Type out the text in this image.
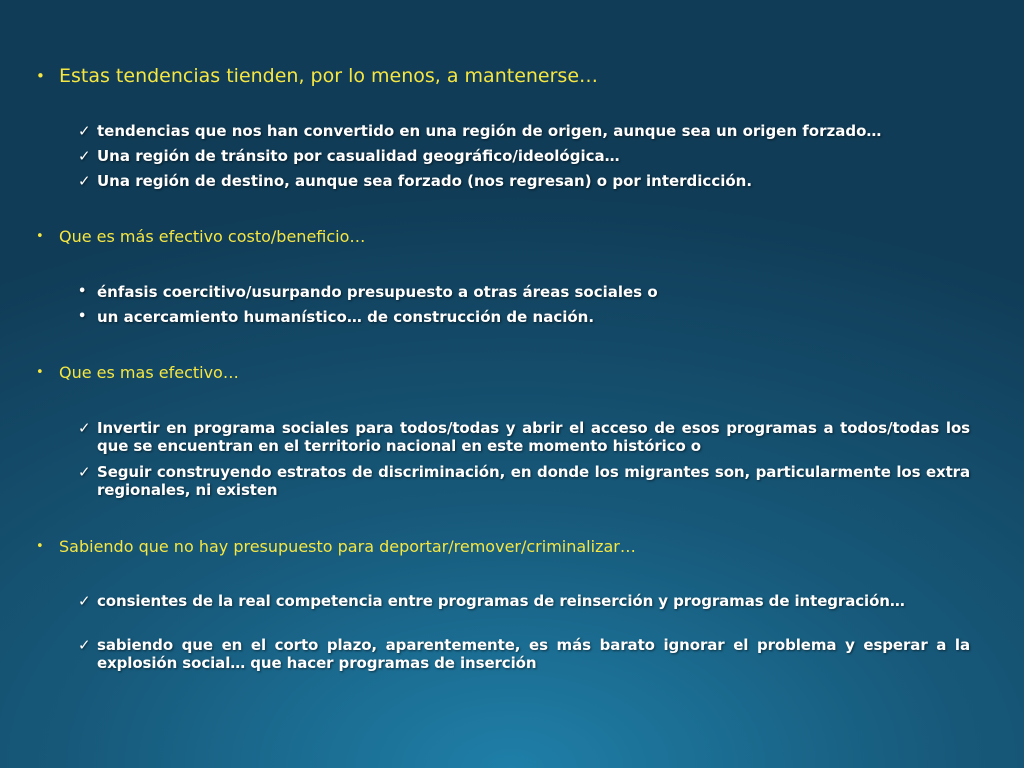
• Estas tendencias tienden, por lo menos, a mantenerse…
✓ tendencias que nos han convertido en una región de origen, aunque sea un origen forzado…
✓ Una región de tránsito por casualidad geográfico/ideológica…
✓ Una región de destino, aunque sea forzado (nos regresan) o por interdicción.
• Que es más efectivo costo/beneficio…
• énfasis coercitivo/usurpando presupuesto a otras áreas sociales o
• un acercamiento humanístico… de construcción de nación.
• Que es mas efectivo…
✓ Invertir en programa sociales para todos/todas y abrir el acceso de esos programas a todos/todas los que se encuentran en el territorio nacional en este momento histórico o
✓ Seguir construyendo estratos de discriminación, en donde los migrantes son, particularmente los extra regionales, ni existen
• Sabiendo que no hay presupuesto para deportar/remover/criminalizar…
✓ consientes de la real competencia entre programas de reinserción y programas de integración…
✓ sabiendo que en el corto plazo, aparentemente, es más barato ignorar el problema y esperar a la explosión social… que hacer programas de inserción
